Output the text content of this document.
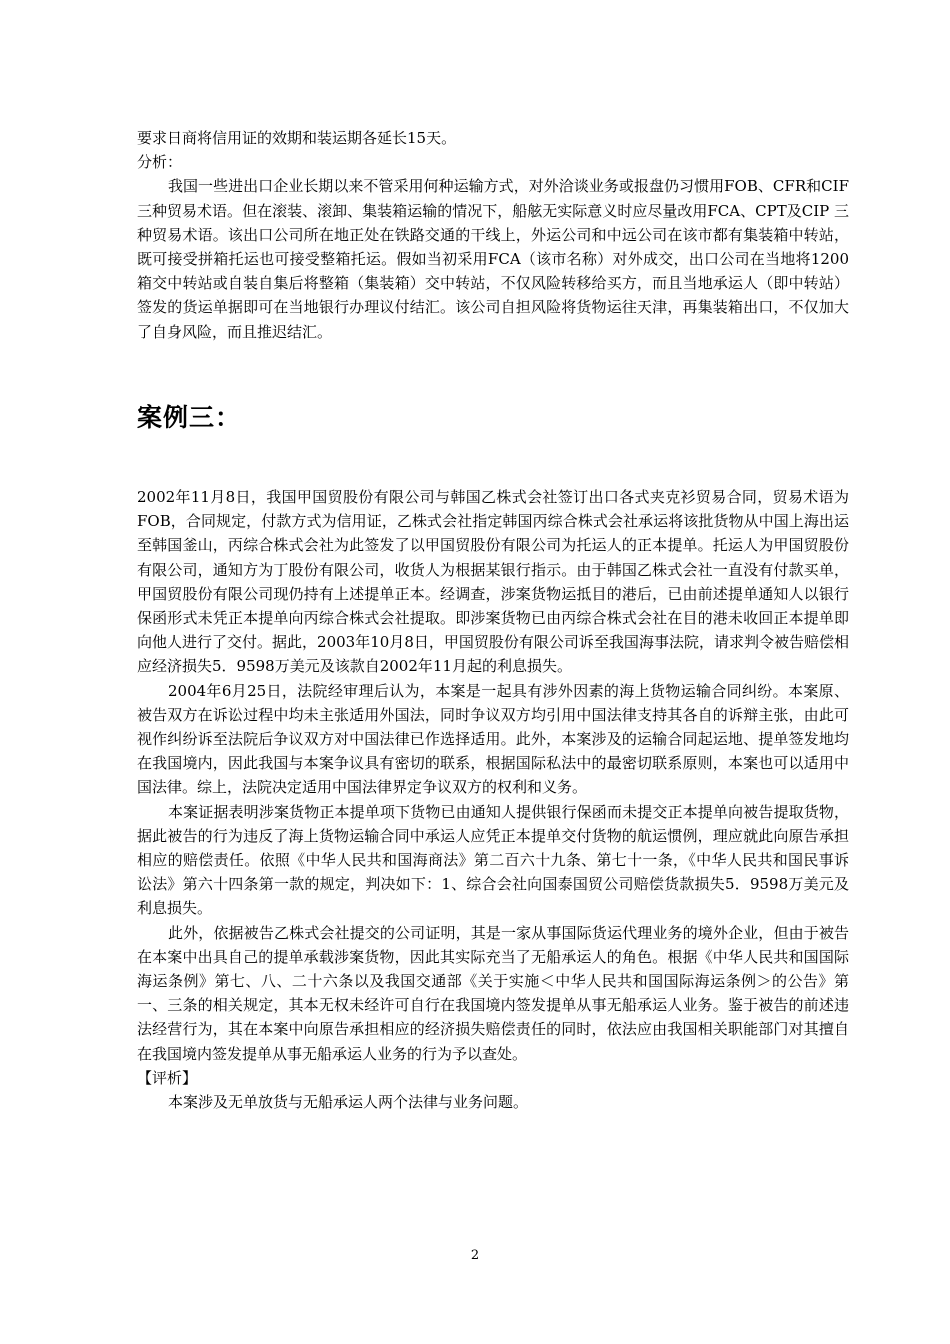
要求日商将信用证的效期和装运期各延长15天。
分析：
我国一些进出口企业长期以来不管采用何种运输方式，对外洽谈业务或报盘仍习惯用FOB、CFR和CIF三种贸易术语。但在滚装、滚卸、集装箱运输的情况下，船舷无实际意义时应尽量改用FCA、CPT及CIP 三种贸易术语。该出口公司所在地正处在铁路交通的干线上，外运公司和中远公司在该市都有集装箱中转站，既可接受拼箱托运也可接受整箱托运。假如当初采用FCA（该市名称）对外成交，出口公司在当地将1200箱交中转站或自装自集后将整箱（集装箱）交中转站，不仅风险转移给买方，而且当地承运人（即中转站）签发的货运单据即可在当地银行办理议付结汇。该公司自担风险将货物运往天津，再集装箱出口，不仅加大了自身风险，而且推迟结汇。
案例三：
2002年11月8日，我国甲国贸股份有限公司与韩国乙株式会社签订出口各式夹克衫贸易合同，贸易术语为FOB，合同规定，付款方式为信用证，乙株式会社指定韩国丙综合株式会社承运将该批货物从中国上海出运至韩国釜山，丙综合株式会社为此签发了以甲国贸股份有限公司为托运人的正本提单。托运人为甲国贸股份有限公司，通知方为丁股份有限公司，收货人为根据某银行指示。由于韩国乙株式会社一直没有付款买单，甲国贸股份有限公司现仍持有上述提单正本。经调查，涉案货物运抵目的港后，已由前述提单通知人以银行保函形式未凭正本提单向丙综合株式会社提取。即涉案货物已由丙综合株式会社在目的港未收回正本提单即向他人进行了交付。据此，2003年10月8日，甲国贸股份有限公司诉至我国海事法院，请求判令被告赔偿相应经济损失5．9598万美元及该款自2002年11月起的利息损失。
2004年6月25日，法院经审理后认为，本案是一起具有涉外因素的海上货物运输合同纠纷。本案原、被告双方在诉讼过程中均未主张适用外国法，同时争议双方均引用中国法律支持其各自的诉辩主张，由此可视作纠纷诉至法院后争议双方对中国法律已作选择适用。此外，本案涉及的运输合同起运地、提单签发地均在我国境内，因此我国与本案争议具有密切的联系，根据国际私法中的最密切联系原则，本案也可以适用中国法律。综上，法院决定适用中国法律界定争议双方的权利和义务。
本案证据表明涉案货物正本提单项下货物已由通知人提供银行保函而未提交正本提单向被告提取货物，据此被告的行为违反了海上货物运输合同中承运人应凭正本提单交付货物的航运惯例，理应就此向原告承担相应的赔偿责任。依照《中华人民共和国海商法》第二百六十九条、第七十一条，《中华人民共和国民事诉讼法》第六十四条第一款的规定，判决如下：1、综合会社向国泰国贸公司赔偿货款损失5．9598万美元及利息损失。
此外，依据被告乙株式会社提交的公司证明，其是一家从事国际货运代理业务的境外企业，但由于被告在本案中出具自己的提单承载涉案货物，因此其实际充当了无船承运人的角色。根据《中华人民共和国国际海运条例》第七、八、二十六条以及我国交通部《关于实施＜中华人民共和国国际海运条例＞的公告》第一、三条的相关规定，其本无权未经许可自行在我国境内签发提单从事无船承运人业务。鉴于被告的前述违法经营行为，其在本案中向原告承担相应的经济损失赔偿责任的同时，依法应由我国相关职能部门对其擅自在我国境内签发提单从事无船承运人业务的行为予以查处。
【评析】
本案涉及无单放货与无船承运人两个法律与业务问题。
2
